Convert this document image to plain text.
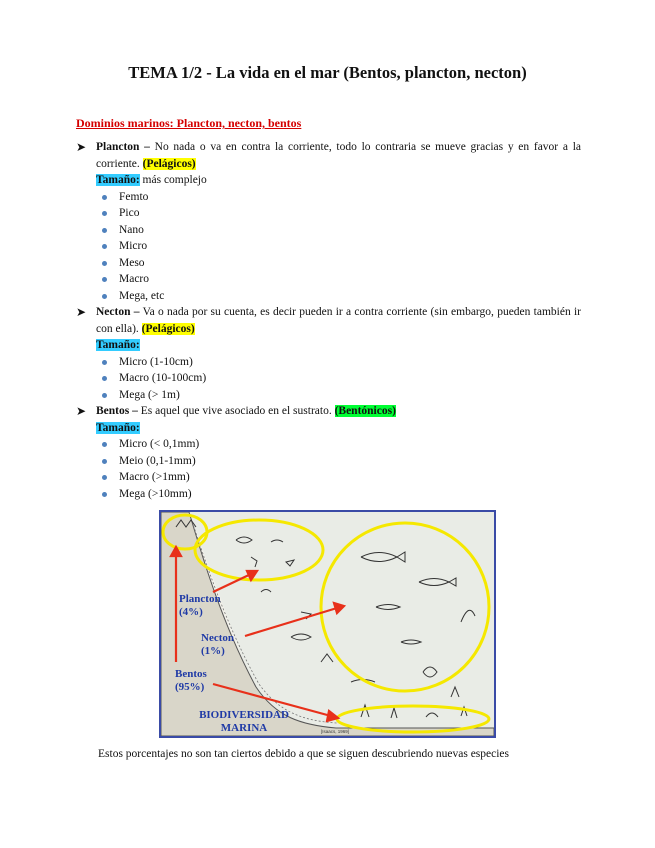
TEMA 1/2 - La vida en el mar (Bentos, plancton, necton)
Dominios marinos: Plancton, necton, bentos
➤ Plancton – No nada o va en contra la corriente, todo lo contraria se mueve gracias y en favor a la corriente. (Pelágicos)
Tamaño: más complejo
Femto
Pico
Nano
Micro
Meso
Macro
Mega, etc
➤ Necton – Va o nada por su cuenta, es decir pueden ir a contra corriente (sin embargo, pueden también ir con ella). (Pelágicos)
Tamaño:
Micro (1-10cm)
Macro (10-100cm)
Mega (> 1m)
➤ Bentos – Es aquel que vive asociado en el sustrato. (Bentónicos)
Tamaño:
Micro (< 0,1mm)
Meio (0,1-1mm)
Macro (>1mm)
Mega (>10mm)
[Isaacs, 1969]
Plancton
(4%)
Necton
(1%)
Bentos
(95%)
BIODIVERSIDAD
MARINA
Estos porcentajes no son tan ciertos debido a que se siguen descubriendo nuevas especies
